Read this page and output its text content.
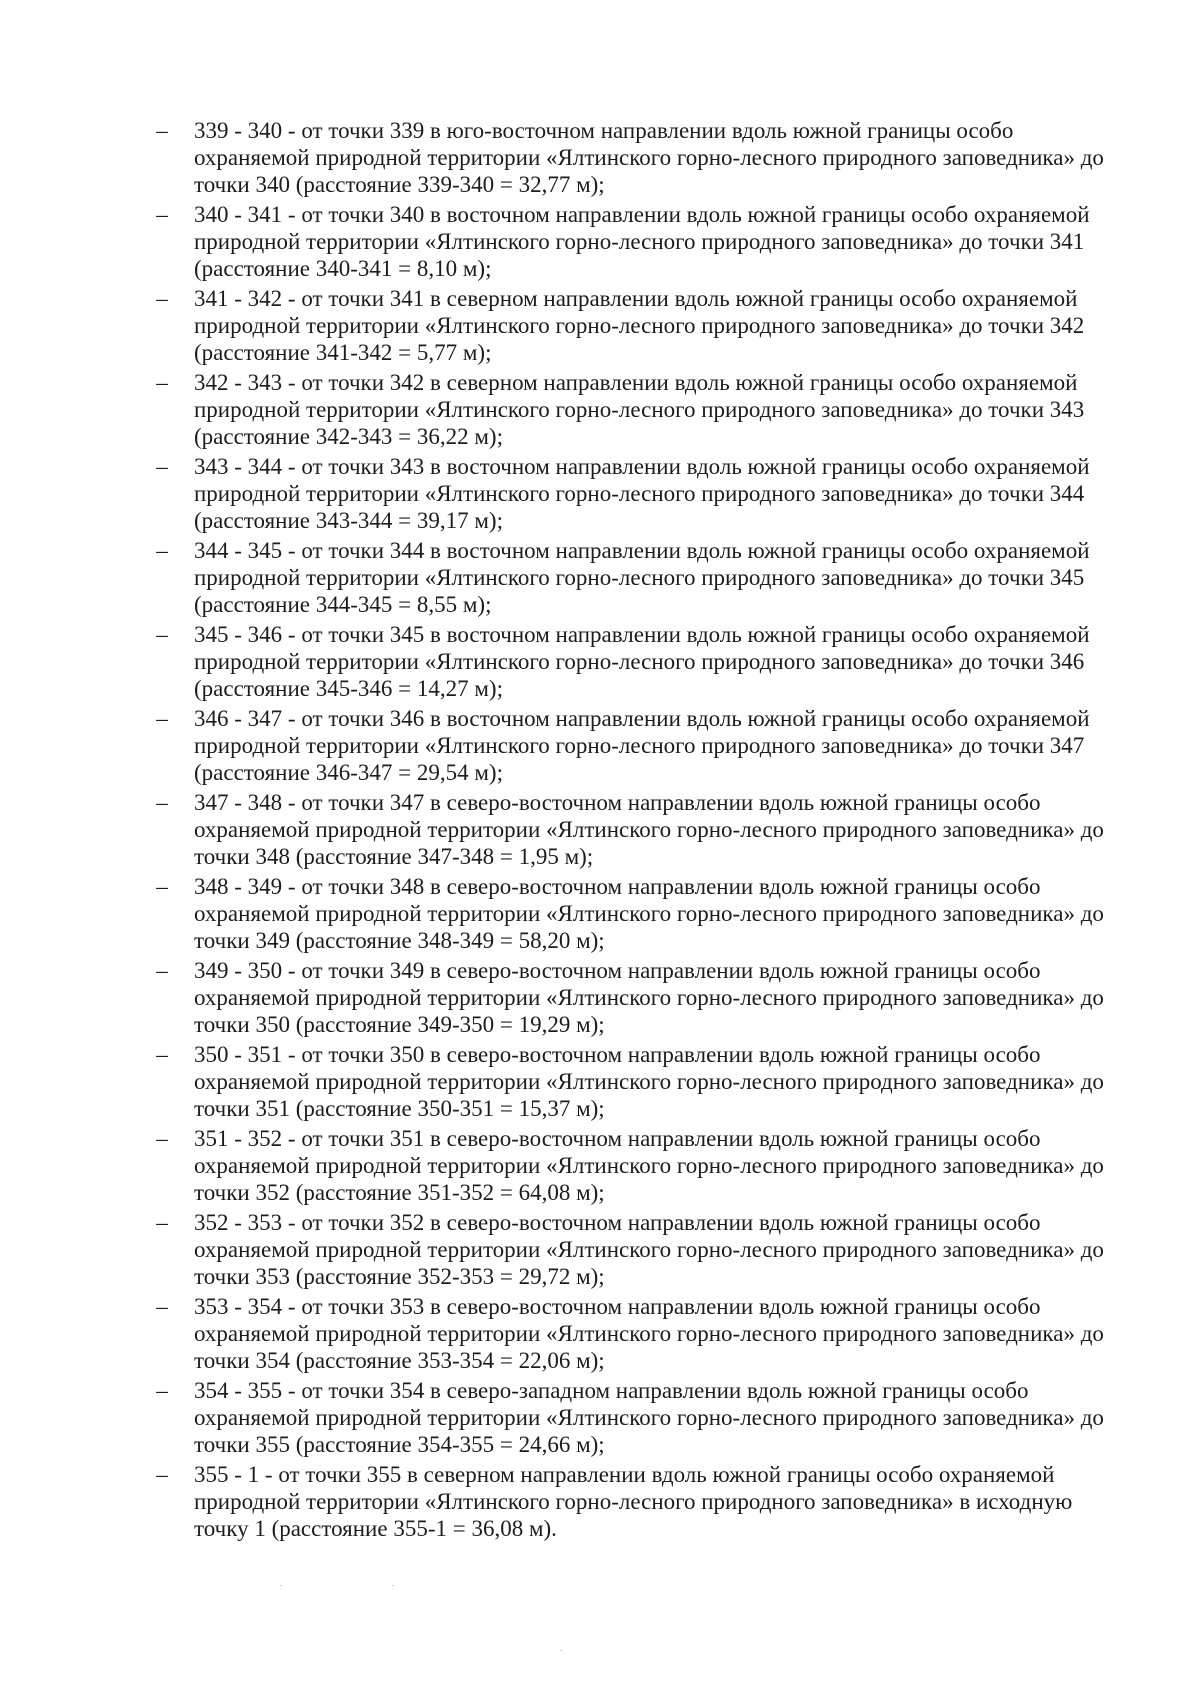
– 339 - 340 - от точки 339 в юго-восточном направлении вдоль южной границы особо охраняемой природной территории «Ялтинского горно-лесного природного заповедника» до точки 340 (расстояние 339-340 = 32,77 м);
– 340 - 341 - от точки 340 в восточном направлении вдоль южной границы особо охраняемой природной территории «Ялтинского горно-лесного природного заповедника» до точки 341 (расстояние 340-341 = 8,10 м);
– 341 - 342 - от точки 341 в северном направлении вдоль южной границы особо охраняемой природной территории «Ялтинского горно-лесного природного заповедника» до точки 342 (расстояние 341-342 = 5,77 м);
– 342 - 343 - от точки 342 в северном направлении вдоль южной границы особо охраняемой природной территории «Ялтинского горно-лесного природного заповедника» до точки 343 (расстояние 342-343 = 36,22 м);
– 343 - 344 - от точки 343 в восточном направлении вдоль южной границы особо охраняемой природной территории «Ялтинского горно-лесного природного заповедника» до точки 344 (расстояние 343-344 = 39,17 м);
– 344 - 345 - от точки 344 в восточном направлении вдоль южной границы особо охраняемой природной территории «Ялтинского горно-лесного природного заповедника» до точки 345 (расстояние 344-345 = 8,55 м);
– 345 - 346 - от точки 345 в восточном направлении вдоль южной границы особо охраняемой природной территории «Ялтинского горно-лесного природного заповедника» до точки 346 (расстояние 345-346 = 14,27 м);
– 346 - 347 - от точки 346 в восточном направлении вдоль южной границы особо охраняемой природной территории «Ялтинского горно-лесного природного заповедника» до точки 347 (расстояние 346-347 = 29,54 м);
– 347 - 348 - от точки 347 в северо-восточном направлении вдоль южной границы особо охраняемой природной территории «Ялтинского горно-лесного природного заповедника» до точки 348 (расстояние 347-348 = 1,95 м);
– 348 - 349 - от точки 348 в северо-восточном направлении вдоль южной границы особо охраняемой природной территории «Ялтинского горно-лесного природного заповедника» до точки 349 (расстояние 348-349 = 58,20 м);
– 349 - 350 - от точки 349 в северо-восточном направлении вдоль южной границы особо охраняемой природной территории «Ялтинского горно-лесного природного заповедника» до точки 350 (расстояние 349-350 = 19,29 м);
– 350 - 351 - от точки 350 в северо-восточном направлении вдоль южной границы особо охраняемой природной территории «Ялтинского горно-лесного природного заповедника» до точки 351 (расстояние 350-351 = 15,37 м);
– 351 - 352 - от точки 351 в северо-восточном направлении вдоль южной границы особо охраняемой природной территории «Ялтинского горно-лесного природного заповедника» до точки 352 (расстояние 351-352 = 64,08 м);
– 352 - 353 - от точки 352 в северо-восточном направлении вдоль южной границы особо охраняемой природной территории «Ялтинского горно-лесного природного заповедника» до точки 353 (расстояние 352-353 = 29,72 м);
– 353 - 354 - от точки 353 в северо-восточном направлении вдоль южной границы особо охраняемой природной территории «Ялтинского горно-лесного природного заповедника» до точки 354 (расстояние 353-354 = 22,06 м);
– 354 - 355 - от точки 354 в северо-западном направлении вдоль южной границы особо охраняемой природной территории «Ялтинского горно-лесного природного заповедника» до точки 355 (расстояние 354-355 = 24,66 м);
– 355 - 1 - от точки 355 в северном направлении вдоль южной границы особо охраняемой природной территории «Ялтинского горно-лесного природного заповедника» в исходную точку 1 (расстояние 355-1 = 36,08 м).
